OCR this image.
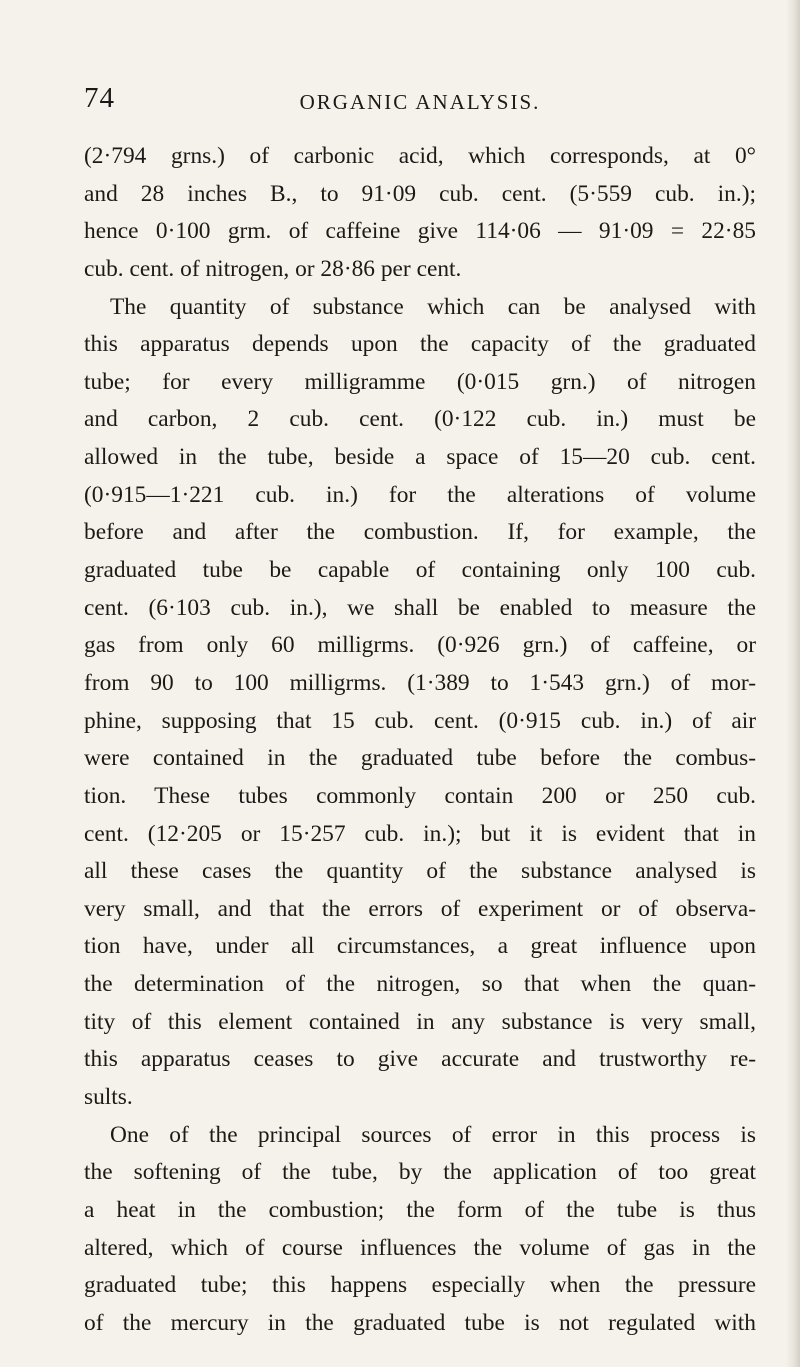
74	ORGANIC ANALYSIS.
(2·794 grns.) of carbonic acid, which corresponds, at 0°
and 28 inches B., to 91·09 cub. cent. (5·559 cub. in.);
hence 0·100 grm. of caffeine give 114·06 — 91·09 = 22·85
cub. cent. of nitrogen, or 28·86 per cent.
The quantity of substance which can be analysed with
this apparatus depends upon the capacity of the graduated
tube; for every milligramme (0·015 grn.) of nitrogen
and carbon, 2 cub. cent. (0·122 cub. in.) must be
allowed in the tube, beside a space of 15—20 cub. cent.
(0·915—1·221 cub. in.) for the alterations of volume
before and after the combustion. If, for example, the
graduated tube be capable of containing only 100 cub.
cent. (6·103 cub. in.), we shall be enabled to measure the
gas from only 60 milligrms. (0·926 grn.) of caffeine, or
from 90 to 100 milligrms. (1·389 to 1·543 grn.) of mor-
phine, supposing that 15 cub. cent. (0·915 cub. in.) of air
were contained in the graduated tube before the combus-
tion. These tubes commonly contain 200 or 250 cub.
cent. (12·205 or 15·257 cub. in.); but it is evident that in
all these cases the quantity of the substance analysed is
very small, and that the errors of experiment or of observa-
tion have, under all circumstances, a great influence upon
the determination of the nitrogen, so that when the quan-
tity of this element contained in any substance is very small,
this apparatus ceases to give accurate and trustworthy re-
sults.
One of the principal sources of error in this process is
the softening of the tube, by the application of too great
a heat in the combustion; the form of the tube is thus
altered, which of course influences the volume of gas in the
graduated tube; this happens especially when the pressure
of the mercury in the graduated tube is not regulated with
